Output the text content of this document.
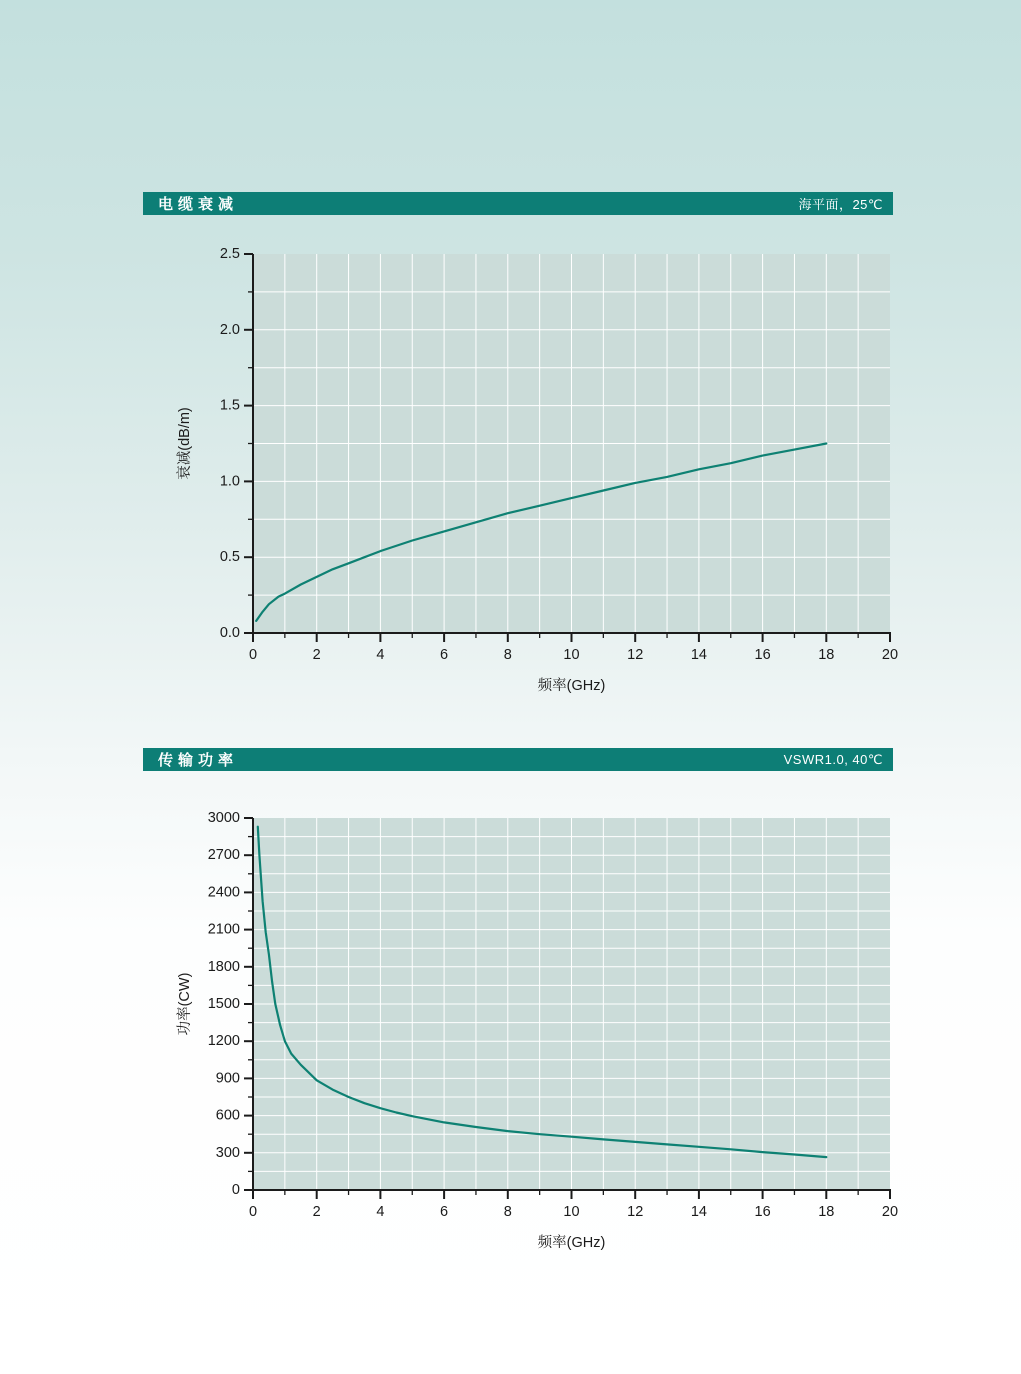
电缆衰减	海平面，25℃
传输功率	VSWR1.0, 40℃
0.0
0.5
1.0
1.5
2.0
2.5
0	2	4	6	8	10	12	14	16	18	20
频率(GHz)
衰减(dB/m)
0
300
600
900
1200
1500
1800
2100
2400
2700
3000
0	2	4	6	8	10	12	14	16	18	20
频率(GHz)
功率(CW)
